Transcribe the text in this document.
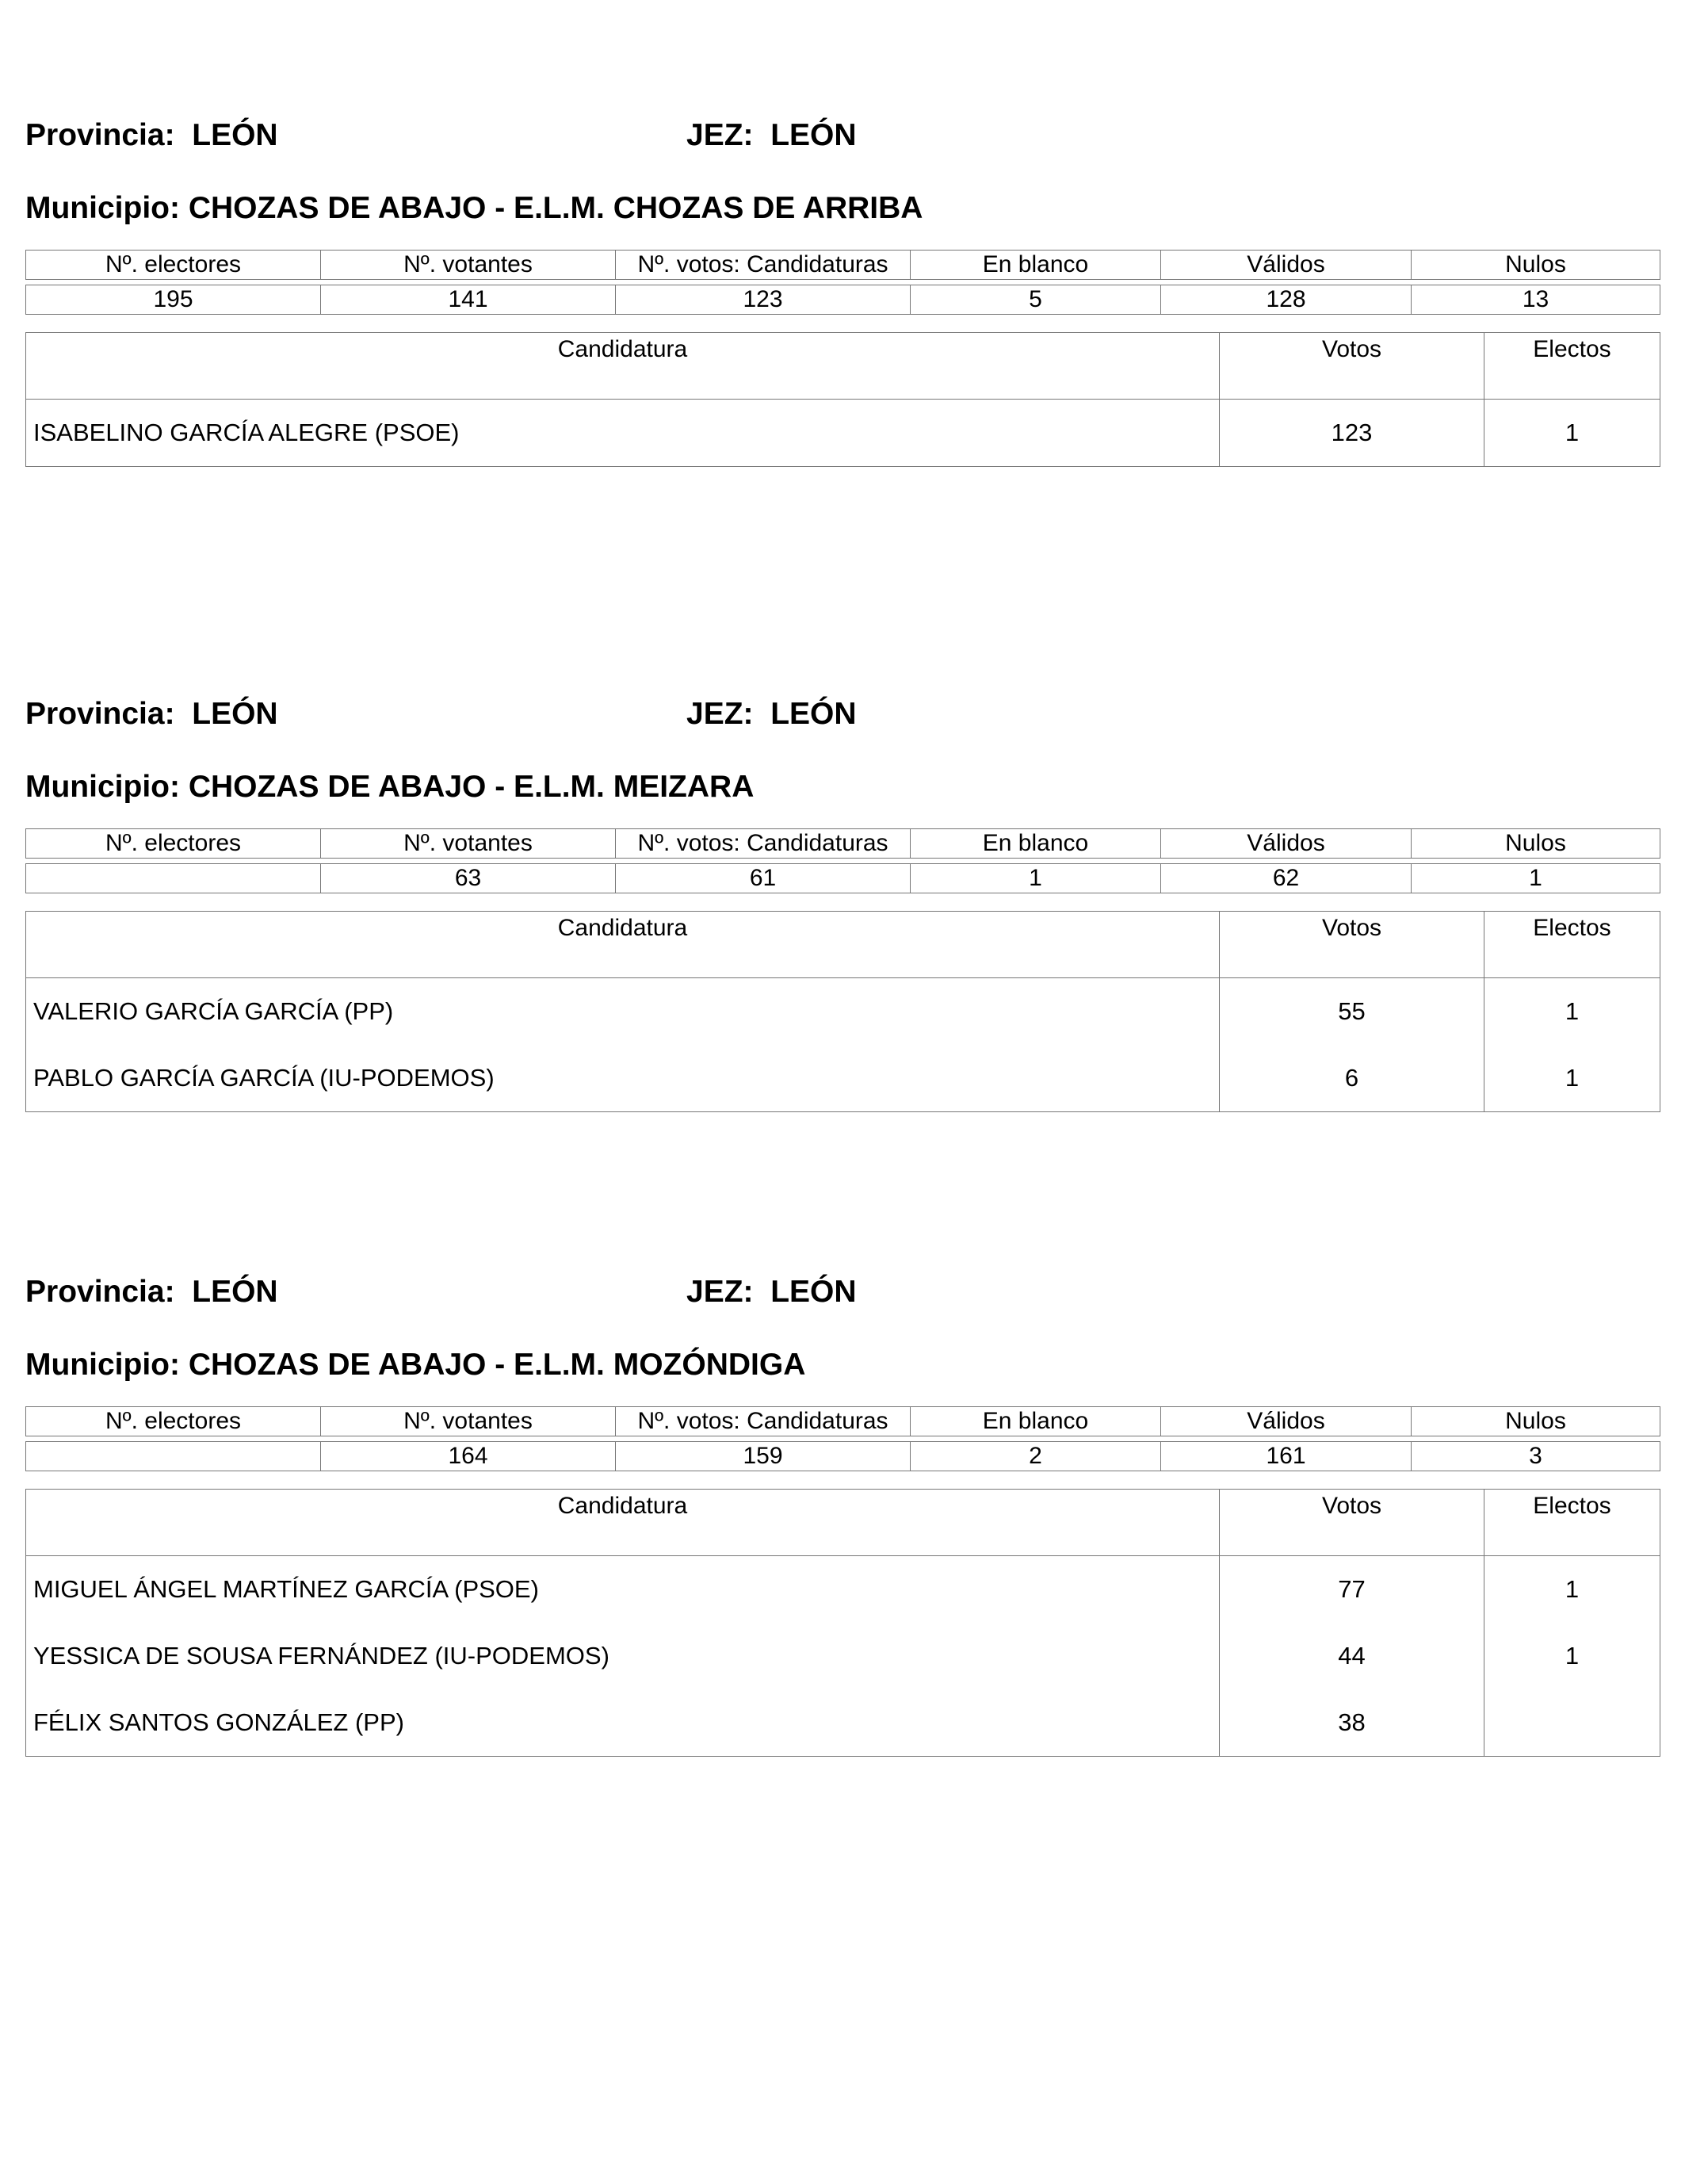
Provincia: LEÓN	JEZ: LEÓN
Municipio: CHOZAS DE ABAJO - E.L.M. CHOZAS DE ARRIBA
Nº. electores	Nº. votantes	Nº. votos: Candidaturas	En blanco	Válidos	Nulos

195	141	123	5	128	13
Candidatura	Votos	Electos
ISABELINO GARCÍA ALEGRE (PSOE)	123	1
Provincia: LEÓN	JEZ: LEÓN
Municipio: CHOZAS DE ABAJO - E.L.M. MEIZARA
Nº. electores	Nº. votantes	Nº. votos: Candidaturas	En blanco	Válidos	Nulos

	63	61	1	62	1
Candidatura	Votos	Electos
VALERIO GARCÍA GARCÍA (PP)	55	1
PABLO GARCÍA GARCÍA (IU-PODEMOS)	6	1
Provincia: LEÓN	JEZ: LEÓN
Municipio: CHOZAS DE ABAJO - E.L.M. MOZÓNDIGA
Nº. electores	Nº. votantes	Nº. votos: Candidaturas	En blanco	Válidos	Nulos

	164	159	2	161	3
Candidatura	Votos	Electos
MIGUEL ÁNGEL MARTÍNEZ GARCÍA (PSOE)	77	1
YESSICA DE SOUSA FERNÁNDEZ (IU-PODEMOS)	44	1
FÉLIX SANTOS GONZÁLEZ (PP)	38	
